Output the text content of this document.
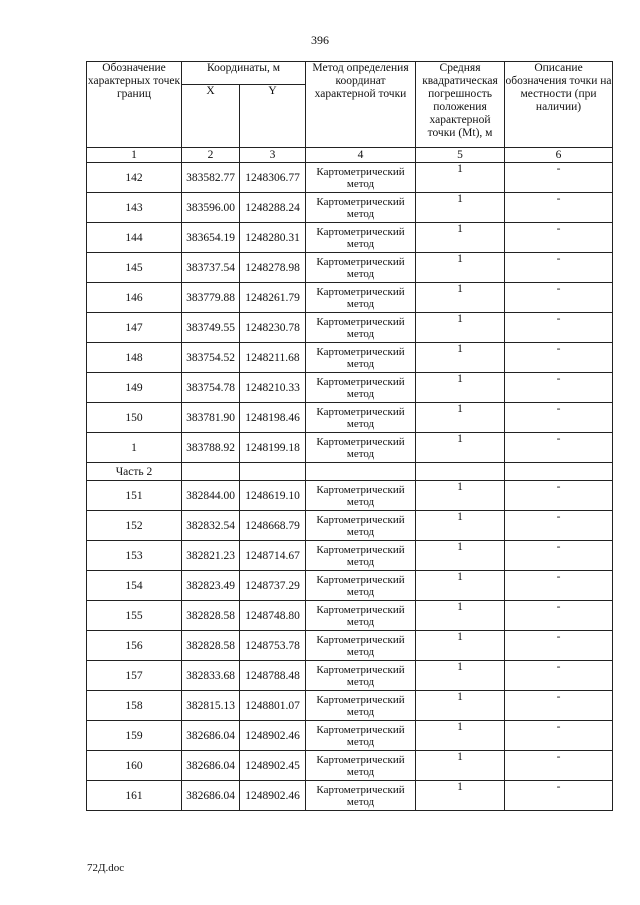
396
Обозначение характерных точек границ	Координаты, м		Метод определения координат характерной точки	Средняя квадратическая погрешность положения характерной точки (Mt), м	Описание обозначения точки на местности (при наличии)
	X	Y			
1	2	3	4	5	6
142	383582.77	1248306.77	Картометрический метод	1	-
143	383596.00	1248288.24	Картометрический метод	1	-
144	383654.19	1248280.31	Картометрический метод	1	-
145	383737.54	1248278.98	Картометрический метод	1	-
146	383779.88	1248261.79	Картометрический метод	1	-
147	383749.55	1248230.78	Картометрический метод	1	-
148	383754.52	1248211.68	Картометрический метод	1	-
149	383754.78	1248210.33	Картометрический метод	1	-
150	383781.90	1248198.46	Картометрический метод	1	-
1	383788.92	1248199.18	Картометрический метод	1	-
Часть 2					
151	382844.00	1248619.10	Картометрический метод	1	-
152	382832.54	1248668.79	Картометрический метод	1	-
153	382821.23	1248714.67	Картометрический метод	1	-
154	382823.49	1248737.29	Картометрический метод	1	-
155	382828.58	1248748.80	Картометрический метод	1	-
156	382828.58	1248753.78	Картометрический метод	1	-
157	382833.68	1248788.48	Картометрический метод	1	-
158	382815.13	1248801.07	Картометрический метод	1	-
159	382686.04	1248902.46	Картометрический метод	1	-
160	382686.04	1248902.45	Картометрический метод	1	-
161	382686.04	1248902.46	Картометрический метод	1	-
72Д.doc
